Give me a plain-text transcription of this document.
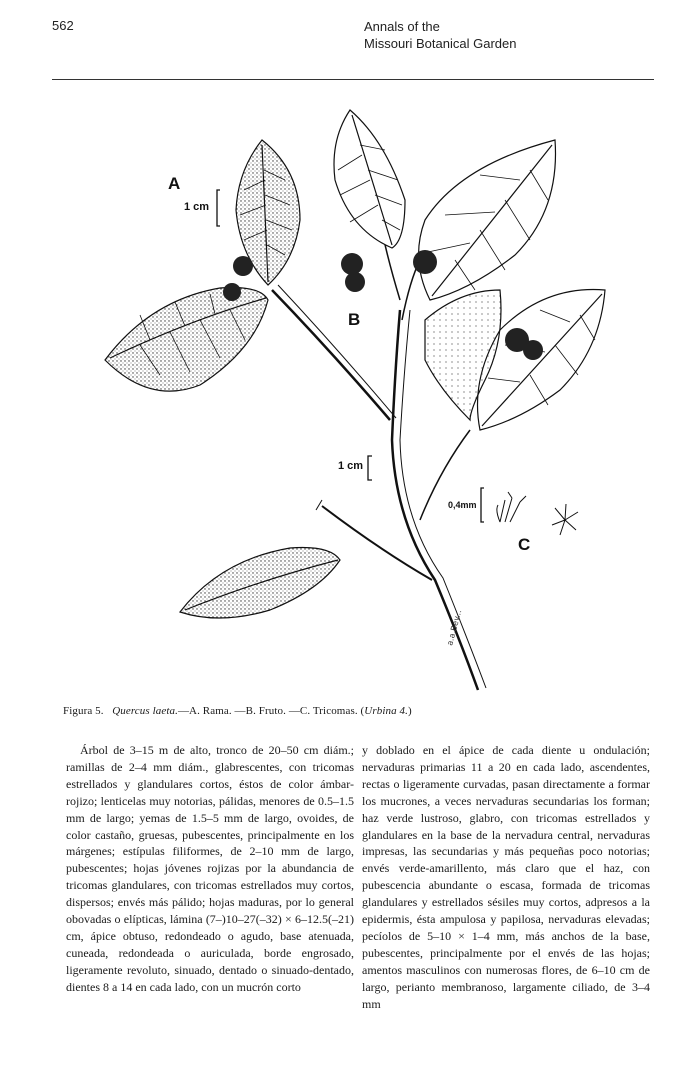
562	Annals of the
Missouri Botanical Garden
a.a.Bey...
A
B
C
1 cm
1 cm
0,4mm
Figura 5. Quercus laeta.—A. Rama. —B. Fruto. —C. Tricomas. (Urbina 4.)

Árbol de 3–15 m de alto, tronco de 20–50 cm diám.; ramillas de 2–4 mm diám., glabrescentes, con tricomas estrellados y glandulares cortos, éstos de color ámbar-rojizo; lenticelas muy notorias, pálidas, menores de 0.5–1.5 mm de largo; yemas de 1.5–5 mm de largo, ovoides, de color castaño, gruesas, pubescentes, principalmente en los márgenes; estípulas filiformes, de 2–10 mm de largo, pubescentes; hojas jóvenes rojizas por la abundancia de tricomas glandulares, con tricomas estrellados muy cortos, dispersos; envés más pálido; hojas maduras, por lo general obovadas o elípticas, lámina (7–)10–27(–32) × 6–12.5(–21) cm, ápice obtuso, redondeado o agudo, base atenuada, cuneada, redondeada o auriculada, borde engrosado, ligeramente revoluto, sinuado, dentado o sinuado-dentado, dientes 8 a 14 en cada lado, con un mucrón corto

y doblado en el ápice de cada diente u ondulación; nervaduras primarias 11 a 20 en cada lado, ascendentes, rectas o ligeramente curvadas, pasan directamente a formar los mucrones, a veces nervaduras secundarias los forman; haz verde lustroso, glabro, con tricomas estrellados y glandulares en la base de la nervadura central, nervaduras impresas, las secundarias y más pequeñas poco notorias; envés verde-amarillento, más claro que el haz, con pubescencia abundante o escasa, formada de tricomas glandulares y estrellados sésiles muy cortos, adpresos a la epidermis, ésta ampulosa y papilosa, nervaduras elevadas; pecíolos de 5–10 × 1–4 mm, más anchos de la base, pubescentes, principalmente por el envés de las hojas; amentos masculinos con numerosas flores, de 6–10 cm de largo, perianto membranoso, largamente ciliado, de 3–4 mm
